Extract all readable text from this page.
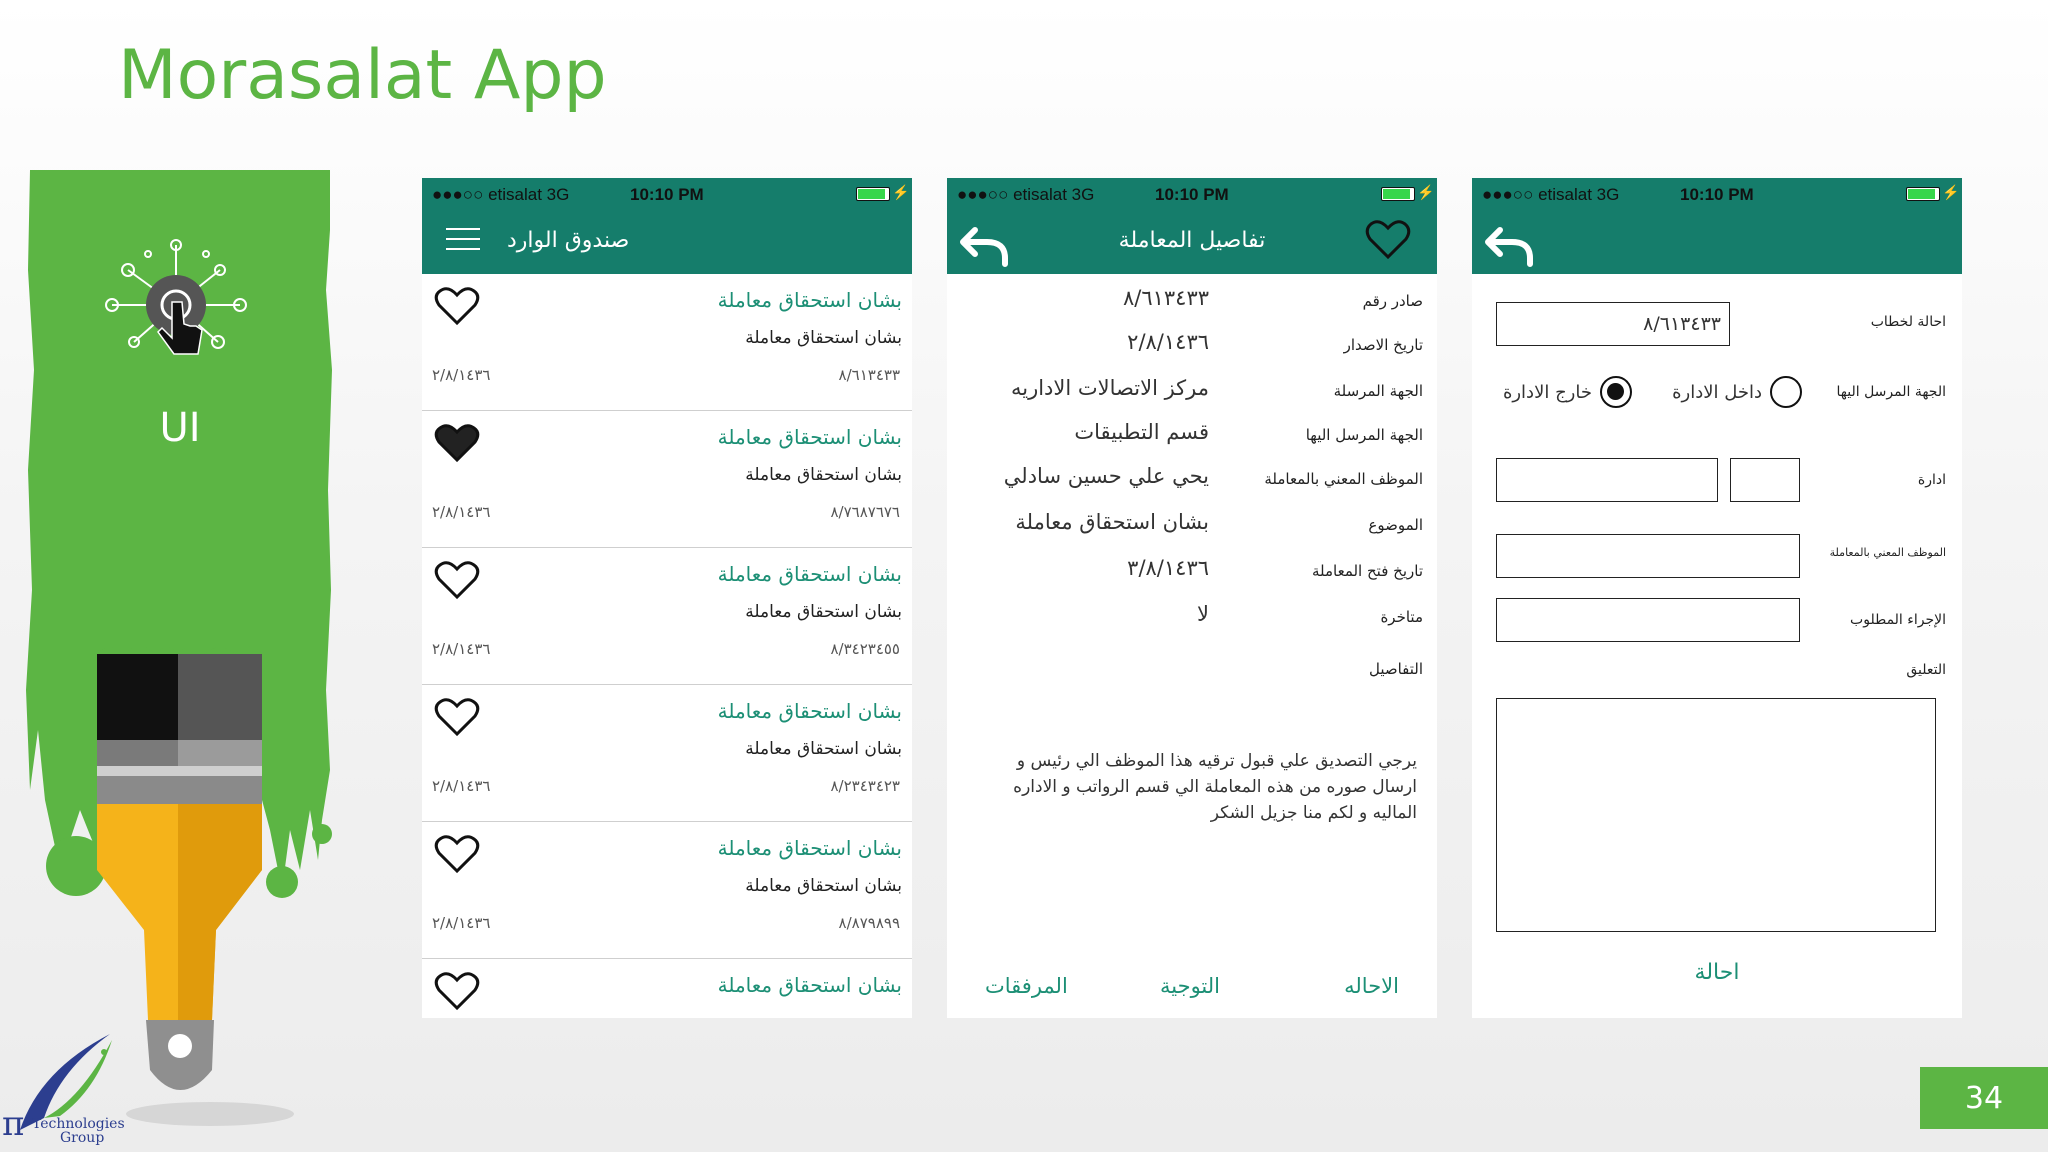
Morasalat App
UI
π Technologies
Group
34
●●●○○ etisalat 3G	10:10 PM	⚡
صندوق الوارد
بشان استحقاق معاملة
بشان استحقاق معاملة
٢/٨/١٤٣٦	٨/٦١٣٤٣٣
بشان استحقاق معاملة
بشان استحقاق معاملة
٢/٨/١٤٣٦	٨/٧٦٨٧٦٧٦
بشان استحقاق معاملة
بشان استحقاق معاملة
٢/٨/١٤٣٦	٨/٣٤٢٣٤٥٥
بشان استحقاق معاملة
بشان استحقاق معاملة
٢/٨/١٤٣٦	٨/٢٣٤٣٤٢٣
بشان استحقاق معاملة
بشان استحقاق معاملة
٢/٨/١٤٣٦	٨/٨٧٩٨٩٩
بشان استحقاق معاملة
●●●○○ etisalat 3G	10:10 PM	⚡
تفاصيل المعاملة
صادر رقم
٨/٦١٣٤٣٣
تاريخ الاصدار
٢/٨/١٤٣٦
الجهة المرسلة
مركز الاتصالات الاداريه
الجهة المرسل اليها
قسم التطبيقات
الموظف المعني بالمعاملة
يحي علي حسين سادلي
الموضوع
بشان استحقاق معاملة
تاريخ فتح المعاملة
٣/٨/١٤٣٦
متاخرة
لا
التفاصيل
يرجي التصديق علي قبول ترقيه هذا الموظف الي رئيس و ارسال صوره من هذه المعاملة الي قسم الرواتب و الاداره الماليه و لكم منا جزيل الشكر
المرفقات	التوجية	الاحاله
●●●○○ etisalat 3G	10:10 PM	⚡
احالة لخطاب
٨/٦١٣٤٣٣
الجهة المرسل اليها
داخل الادارة
خارج الادارة
ادارة
الموظف المعني بالمعاملة
الإجراء المطلوب
التعليق
احالة
